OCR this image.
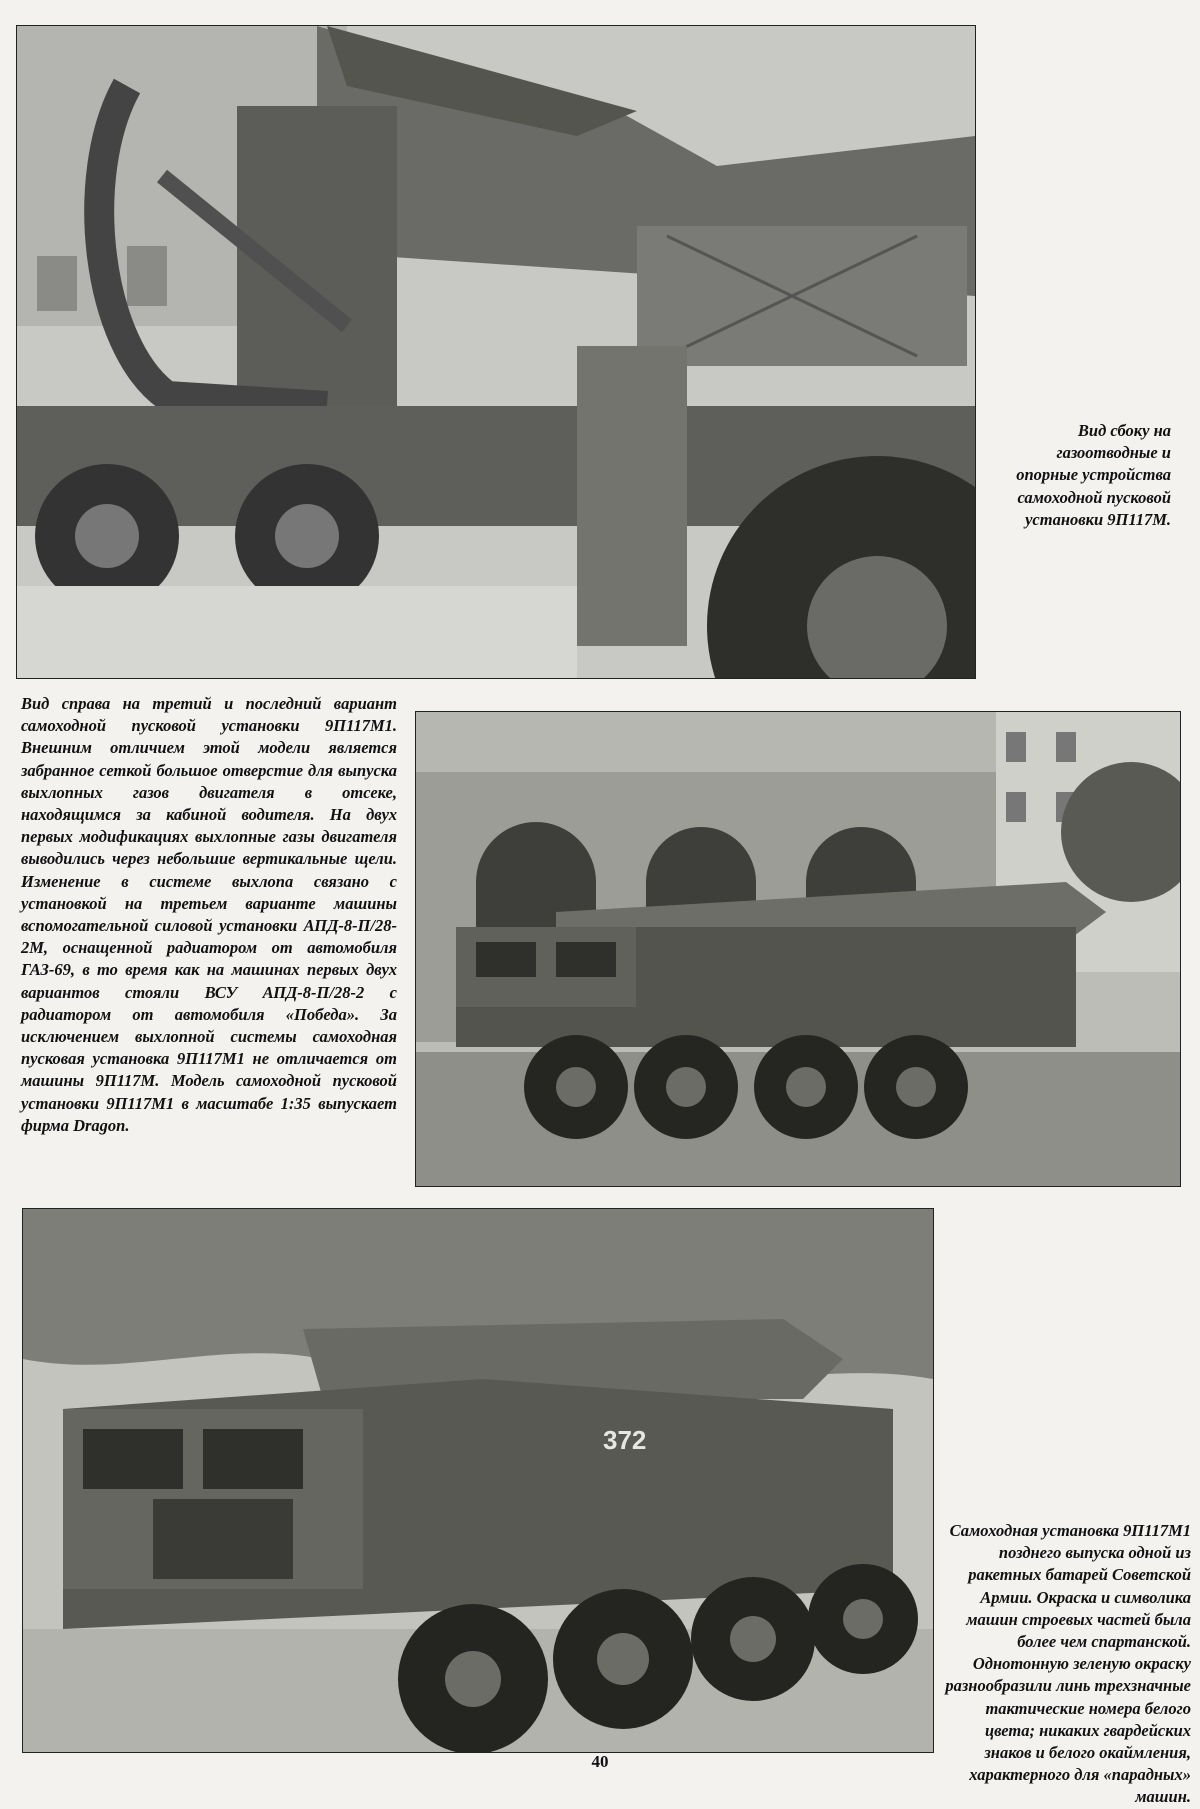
Вид сбоку на газоотводные и опорные устройства самоходной пусковой установки 9П117М.

Вид справа на третий и последний вариант самоходной пусковой установки 9П117М1. Внешним отличием этой модели является забранное сеткой большое отверстие для выпуска выхлопных газов двигателя в отсеке, находящимся за кабиной водителя. На двух первых модификациях выхлопные газы двигателя выводились через небольшие вертикальные щели. Изменение в системе выхлопа связано с установкой на третьем варианте машины вспомогательной силовой установки АПД-8-П/28-2М, оснащенной радиатором от автомобиля ГАЗ-69, в то время как на машинах первых двух вариантов стояли ВСУ АПД-8-П/28-2 с радиатором от автомобиля «Победа». За исключением выхлопной системы самоходная пусковая установка 9П117М1 не отличается от машины 9П117М. Модель самоходной пусковой установки 9П117М1 в масштабе 1:35 выпускает фирма Dragon.

372

Самоходная установка 9П117М1 позднего выпуска одной из ракетных батарей Советской Армии. Окраска и символика машин строевых частей была более чем спартанской. Однотонную зеленую окраску разнообразили линь трехзначные тактические номера белого цвета; никаких гвардейских знаков и белого окаймления, характерного для «парадных» машин.

40
